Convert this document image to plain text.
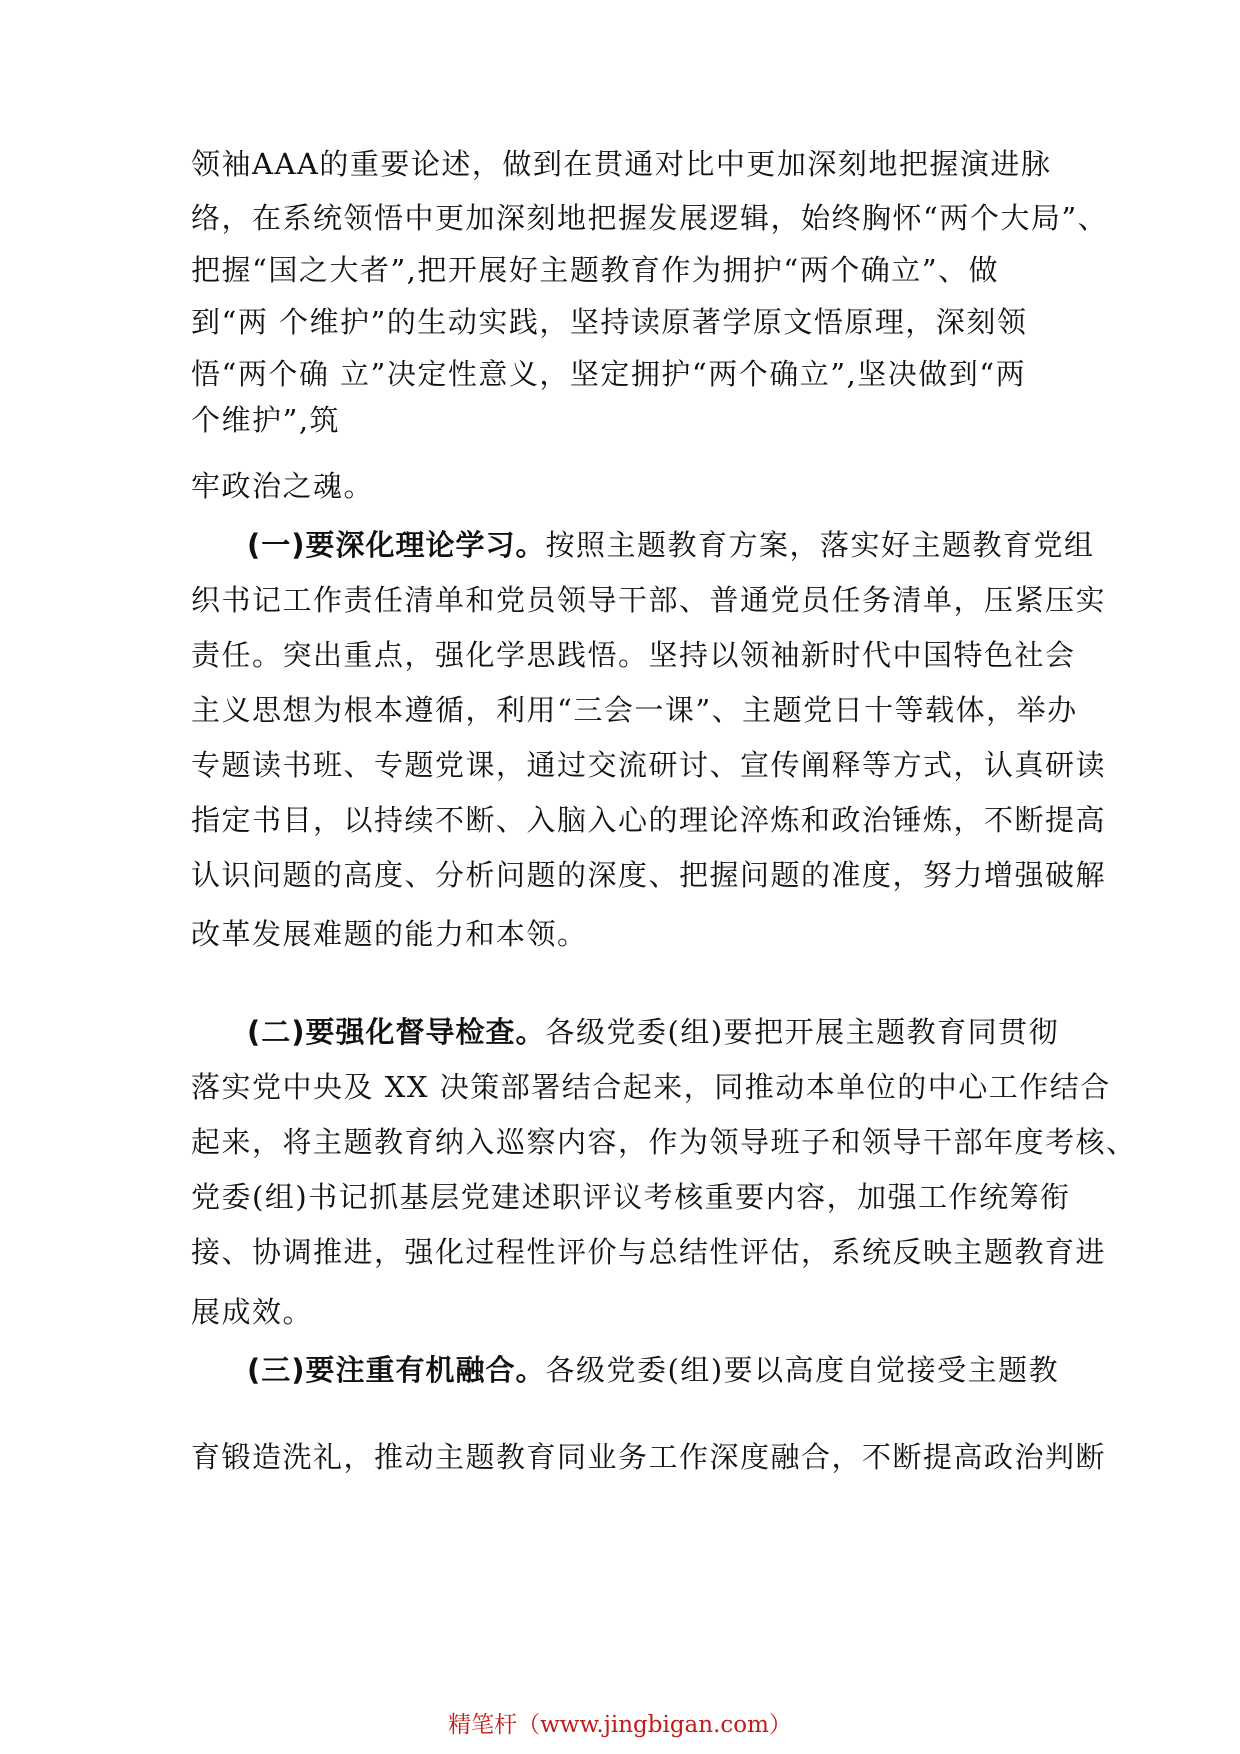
领袖AAA的重要论述，做到在贯通对比中更加深刻地把握演进脉
络，在系统领悟中更加深刻地把握发展逻辑，始终胸怀“两个大局”、
把握“国之大者”,把开展好主题教育作为拥护“两个确立”、做
到“两 个维护”的生动实践，坚持读原著学原文悟原理，深刻领
悟“两个确 立”决定性意义，坚定拥护“两个确立”,坚决做到“两
个维护”,筑
牢政治之魂。
(一)要深化理论学习。按照主题教育方案，落实好主题教育党组
织书记工作责任清单和党员领导干部、普通党员任务清单，压紧压实
责任。突出重点，强化学思践悟。坚持以领袖新时代中国特色社会
主义思想为根本遵循，利用“三会一课”、主题党日十等载体，举办
专题读书班、专题党课，通过交流研讨、宣传阐释等方式，认真研读
指定书目，以持续不断、入脑入心的理论淬炼和政治锤炼，不断提高
认识问题的高度、分析问题的深度、把握问题的准度，努力增强破解
改革发展难题的能力和本领。
(二)要强化督导检查。各级党委(组)要把开展主题教育同贯彻
落实党中央及 XX 决策部署结合起来，同推动本单位的中心工作结合
起来，将主题教育纳入巡察内容，作为领导班子和领导干部年度考核、
党委(组)书记抓基层党建述职评议考核重要内容，加强工作统筹衔
接、协调推进，强化过程性评价与总结性评估，系统反映主题教育进
展成效。
(三)要注重有机融合。各级党委(组)要以高度自觉接受主题教
育锻造洗礼，推动主题教育同业务工作深度融合，不断提高政治判断
精笔杆（www.jingbigan.com）
